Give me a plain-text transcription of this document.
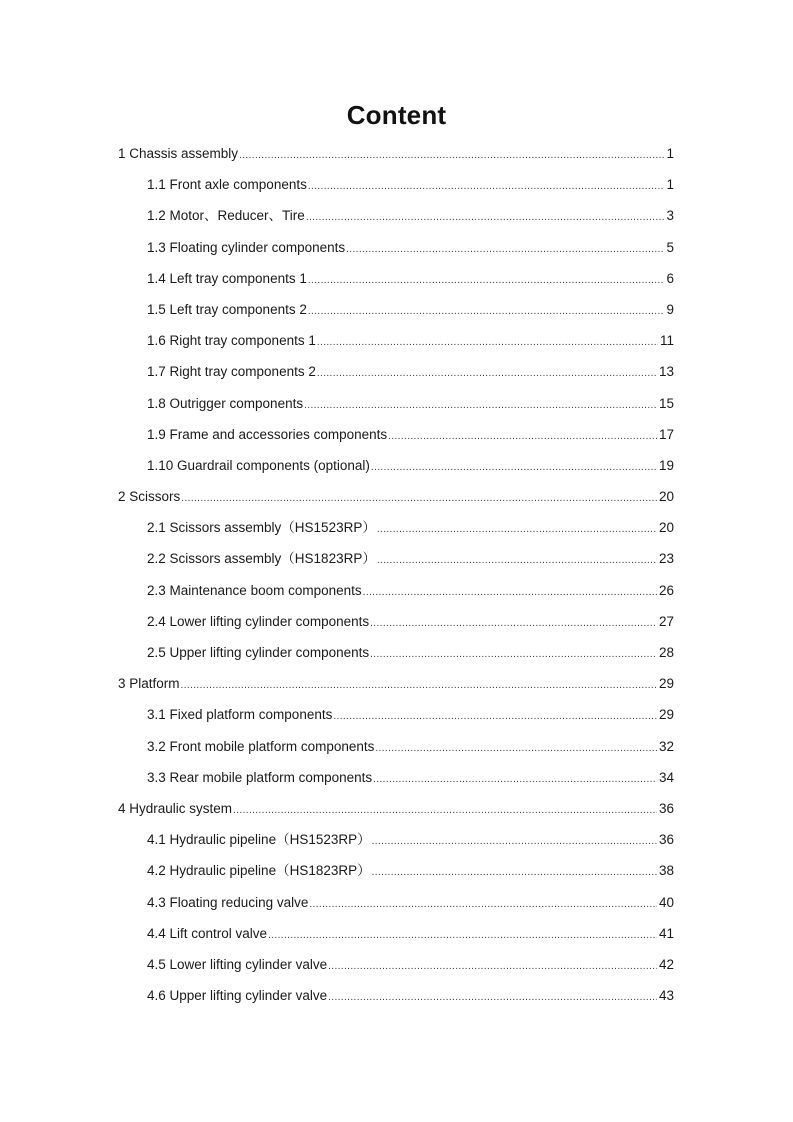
Content
1 Chassis assembly .....	1
1.1 Front axle components .....	1
1.2 Motor、Reducer、Tire .....	3
1.3 Floating cylinder components .....	5
1.4 Left tray components 1 .....	6
1.5 Left tray components 2 .....	9
1.6 Right tray components 1 .....	11
1.7 Right tray components 2 .....	13
1.8 Outrigger components .....	15
1.9 Frame and accessories components .....	17
1.10 Guardrail components (optional) .....	19
2 Scissors .....	20
2.1 Scissors assembly（HS1523RP） .....	20
2.2 Scissors assembly（HS1823RP） .....	23
2.3 Maintenance boom components .....	26
2.4 Lower lifting cylinder components .....	27
2.5 Upper lifting cylinder components .....	28
3 Platform .....	29
3.1 Fixed platform components .....	29
3.2 Front mobile platform components .....	32
3.3 Rear mobile platform components .....	34
4 Hydraulic system .....	36
4.1 Hydraulic pipeline（HS1523RP） .....	36
4.2 Hydraulic pipeline（HS1823RP） .....	38
4.3 Floating reducing valve .....	40
4.4 Lift control valve .....	41
4.5 Lower lifting cylinder valve .....	42
4.6 Upper lifting cylinder valve .....	43
